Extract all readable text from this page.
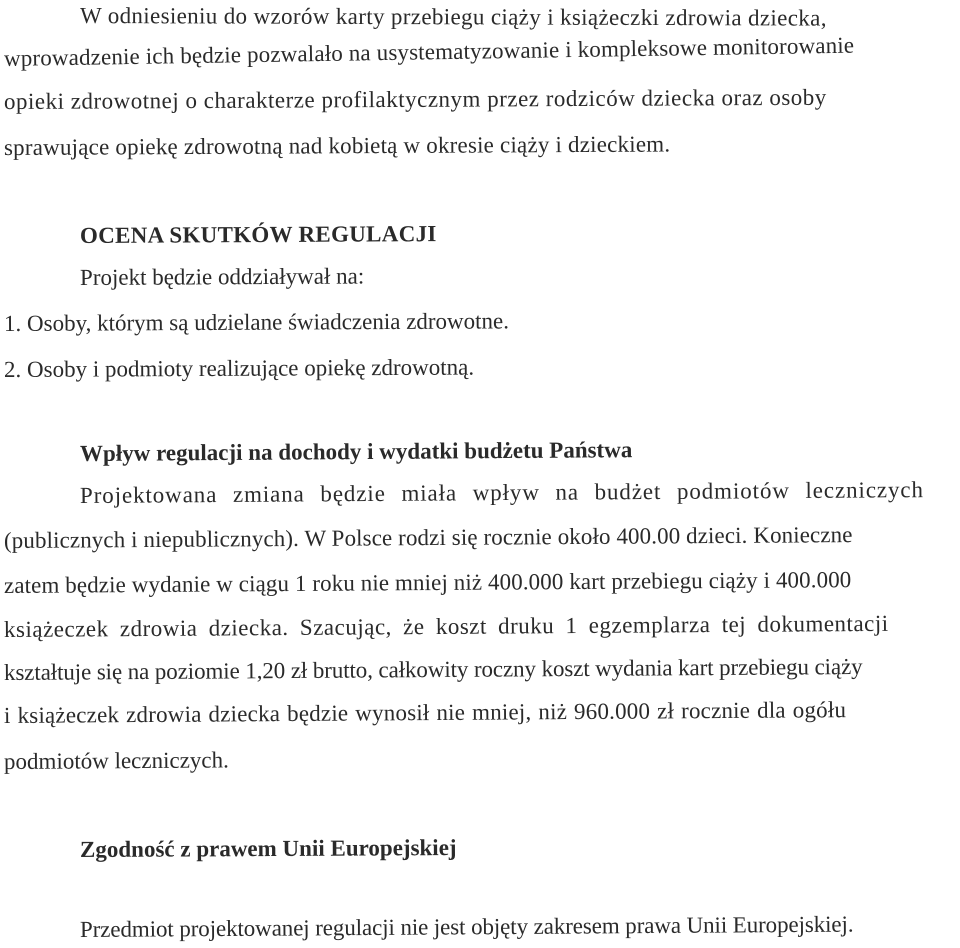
W odniesieniu do wzorów karty przebiegu ciąży i książeczki zdrowia dziecka,
wprowadzenie ich będzie pozwalało na usystematyzowanie i kompleksowe monitorowanie
opieki zdrowotnej o charakterze profilaktycznym przez rodziców dziecka oraz osoby
sprawujące opiekę zdrowotną nad kobietą w okresie ciąży i dzieckiem.
OCENA SKUTKÓW REGULACJI
Projekt będzie oddziaływał na:
1. Osoby, którym są udzielane świadczenia zdrowotne.
2. Osoby i podmioty realizujące opiekę zdrowotną.
Wpływ regulacji na dochody i wydatki budżetu Państwa
Projektowana zmiana będzie miała wpływ na budżet podmiotów leczniczych
(publicznych i niepublicznych). W Polsce rodzi się rocznie około 400.00 dzieci. Konieczne
zatem będzie wydanie w ciągu 1 roku nie mniej niż 400.000 kart przebiegu ciąży i 400.000
książeczek zdrowia dziecka. Szacując, że koszt druku 1 egzemplarza tej dokumentacji
kształtuje się na poziomie 1,20 zł brutto, całkowity roczny koszt wydania kart przebiegu ciąży
i książeczek zdrowia dziecka będzie wynosił nie mniej, niż 960.000 zł rocznie dla ogółu
podmiotów leczniczych.
Zgodność z prawem Unii Europejskiej
Przedmiot projektowanej regulacji nie jest objęty zakresem prawa Unii Europejskiej.
